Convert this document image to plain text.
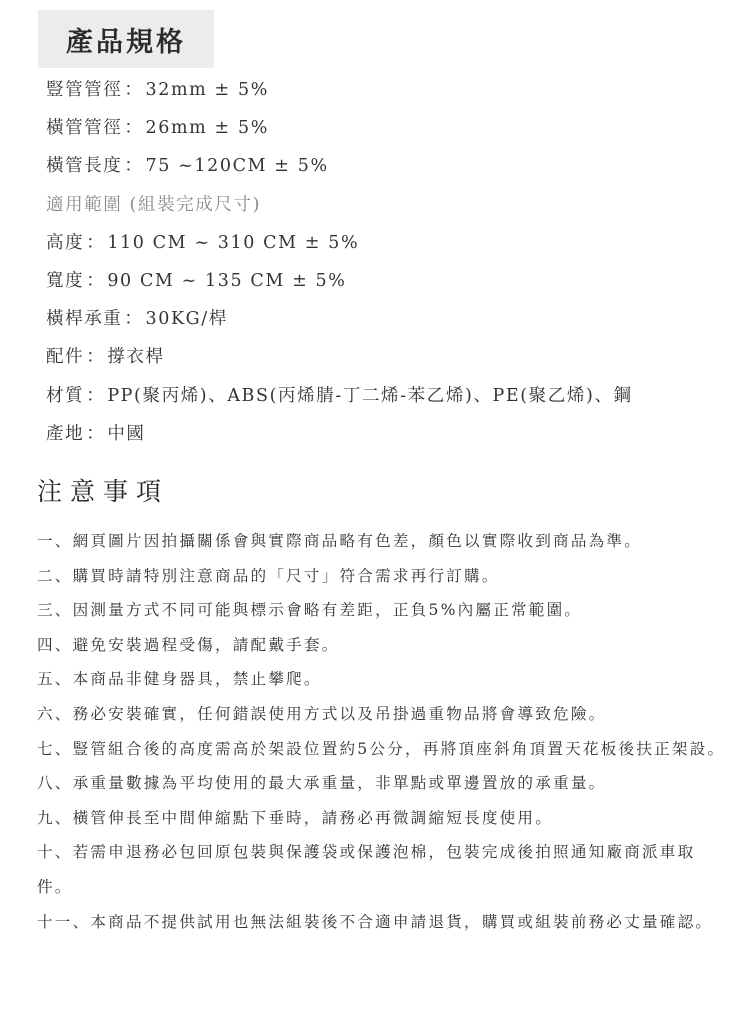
產品規格
豎管管徑 ： 32mm ± 5%
橫管管徑 ： 26mm ± 5%
橫管長度 ： 75 ~120CM ± 5%
適用範圍 (組裝完成尺寸)
高度 ： 110 CM ~ 310 CM ± 5%
寬度 ： 90 CM ~ 135 CM ± 5%
橫桿承重 ： 30KG/桿
配件 ： 撐衣桿
材質 ： PP(聚丙烯)、ABS(丙烯腈-丁二烯-苯乙烯)、PE(聚乙烯)、鋼
產地 ： 中國
注意事項

一、網頁圖片因拍攝關係會與實際商品略有色差，顏色以實際收到商品為準。

二、購買時請特別注意商品的「尺寸」符合需求再行訂購。

三、因測量方式不同可能與標示會略有差距，正負5%內屬正常範圍。

四、避免安裝過程受傷，請配戴手套。

五、本商品非健身器具，禁止攀爬。

六、務必安裝確實，任何錯誤使用方式以及吊掛過重物品將會導致危險。

七、豎管組合後的高度需高於架設位置約5公分，再將頂座斜角頂置天花板後扶正架設。

八、承重量數據為平均使用的最大承重量，非單點或單邊置放的承重量。

九、橫管伸長至中間伸縮點下垂時，請務必再微調縮短長度使用。

十、若需申退務必包回原包裝與保護袋或保護泡棉，包裝完成後拍照通知廠商派車取件。

十一、本商品不提供試用也無法組裝後不合適申請退貨，購買或組裝前務必丈量確認。
